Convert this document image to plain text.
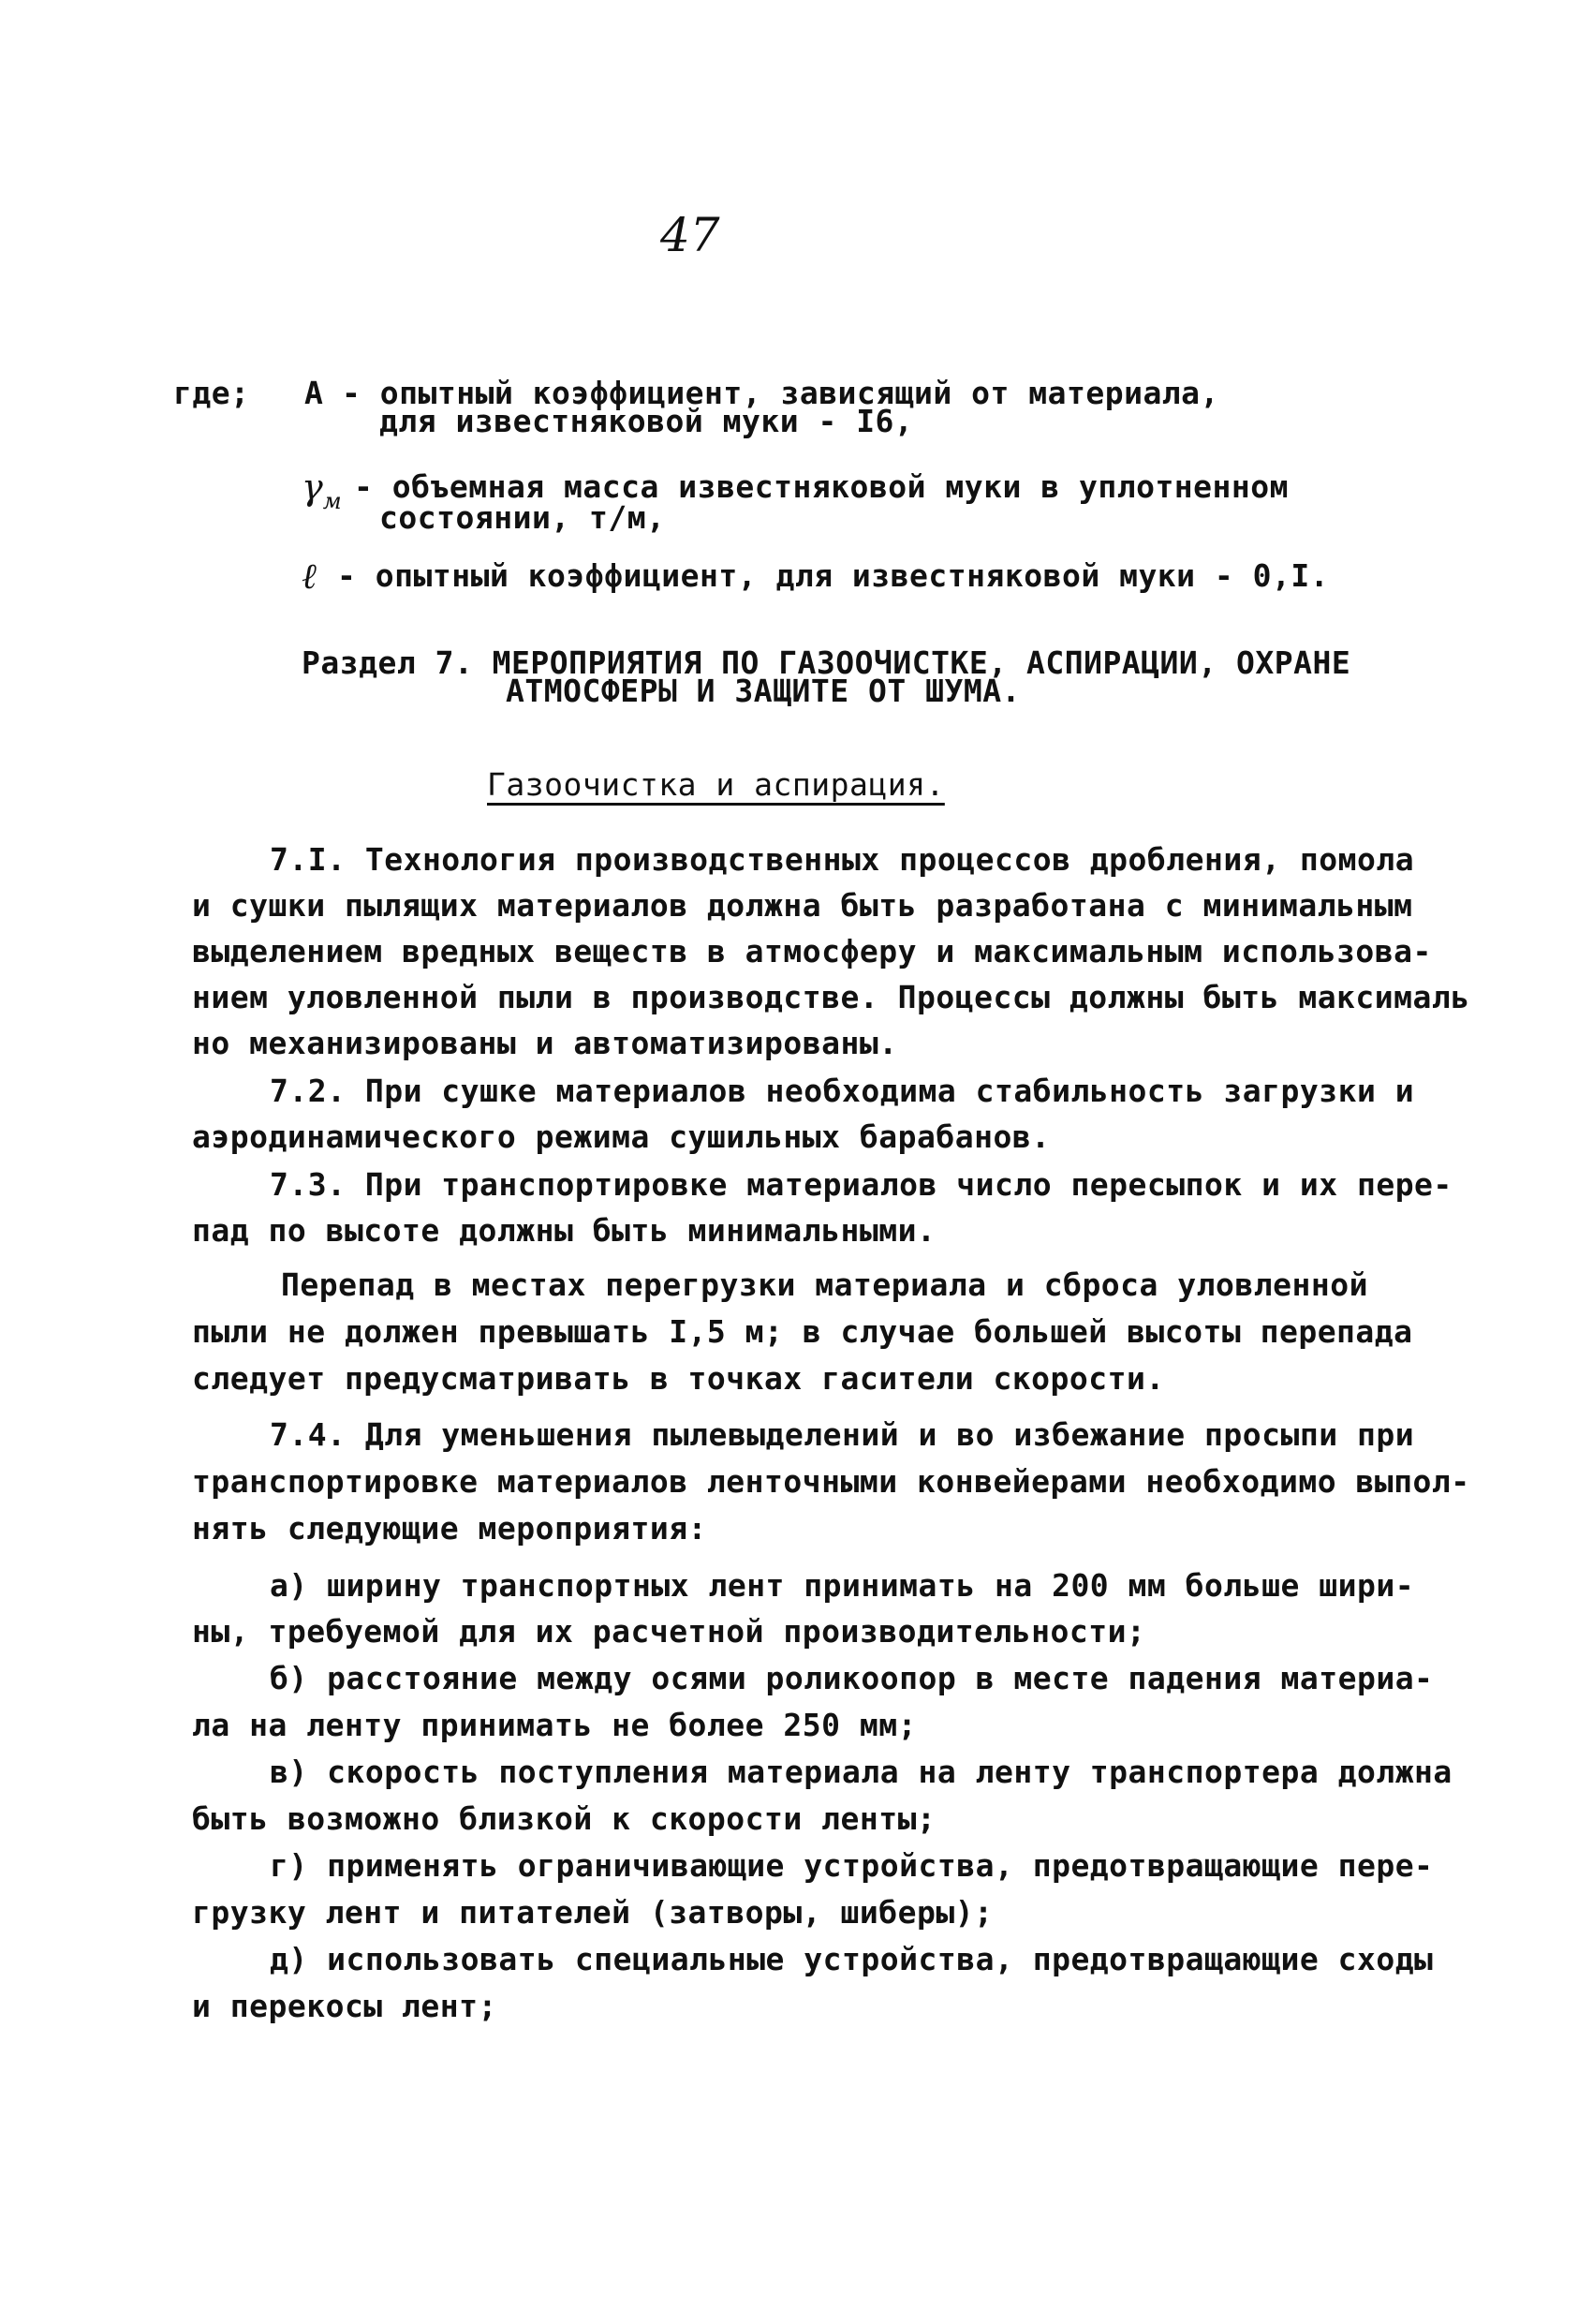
47
где; A - опытный коэффициент, зависящий от материала,
для известняковой муки - I6,
$\gamma_м$ - объемная масса известняковой муки в уплотненном
состоянии, т/м,
ℓ - опытный коэффициент, для известняковой муки - 0,I.
Раздел 7. МЕРОПРИЯТИЯ ПО ГАЗООЧИСТКЕ, АСПИРАЦИИ, ОХРАНЕ
АТМОСФЕРЫ И ЗАЩИТЕ ОТ ШУМА.
Газоочистка и аспирация.
7.I. Технология производственных процессов дробления, помола
и сушки пылящих материалов должна быть разработана с минимальным
выделением вредных веществ в атмосферу и максимальным использова-
нием уловленной пыли в производстве. Процессы должны быть максималь
но механизированы и автоматизированы.
7.2. При сушке материалов необходима стабильность загрузки и
аэродинамического режима сушильных барабанов.
7.3. При транспортировке материалов число пересыпок и их пере-
пад по высоте должны быть минимальными.
Перепад в местах перегрузки материала и сброса уловленной
пыли не должен превышать I,5 м; в случае большей высоты перепада
следует предусматривать в точках гасители скорости.
7.4. Для уменьшения пылевыделений и во избежание просыпи при
транспортировке материалов ленточными конвейерами необходимо выпол-
нять следующие мероприятия:
а) ширину транспортных лент принимать на 200 мм больше шири-
ны, требуемой для их расчетной производительности;
б) расстояние между осями роликоопор в месте падения материа-
ла на ленту принимать не более 250 мм;
в) скорость поступления материала на ленту транспортера должна
быть возможно близкой к скорости ленты;
г) применять ограничивающие устройства, предотвращающие пере-
грузку лент и питателей (затворы, шиберы);
д) использовать специальные устройства, предотвращающие сходы
и перекосы лент;
